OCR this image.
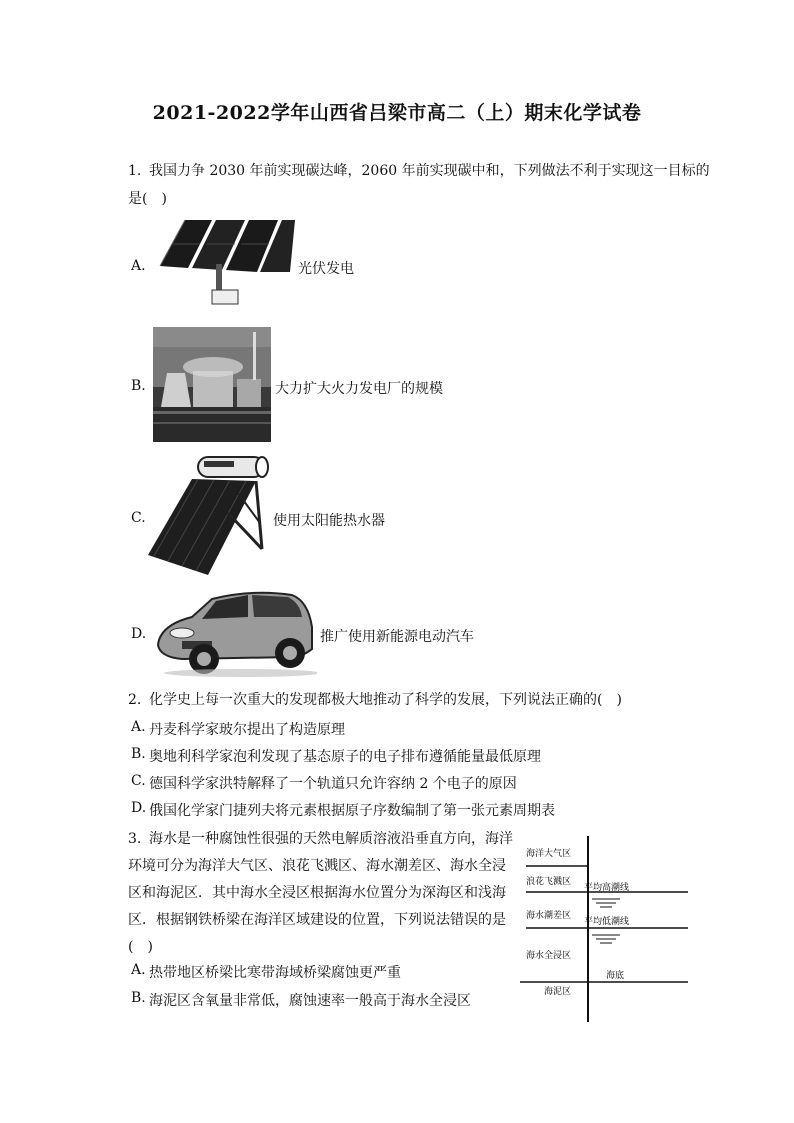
2021-2022学年山西省吕梁市高二（上）期末化学试卷
1. 我国力争 2030 年前实现碳达峰，2060 年前实现碳中和，下列做法不利于实现这一目标的
是(　)
A.	光伏发电
B.	大力扩大火力发电厂的规模
C.	使用太阳能热水器
D.	推广使用新能源电动汽车
2. 化学史上每一次重大的发现都极大地推动了科学的发展，下列说法正确的(　)
A. 丹麦科学家玻尔提出了构造原理
B. 奥地利科学家泡利发现了基态原子的电子排布遵循能量最低原理
C. 德国科学家洪特解释了一个轨道只允许容纳 2 个电子的原因
D. 俄国化学家门捷列夫将元素根据原子序数编制了第一张元素周期表
3. 海水是一种腐蚀性很强的天然电解质溶液沿垂直方向，海洋
环境可分为海洋大气区、浪花飞溅区、海水潮差区、海水全浸
区和海泥区．其中海水全浸区根据海水位置分为深海区和浅海
区．根据钢铁桥梁在海洋区域建设的位置，下列说法错误的是
(　)
A. 热带地区桥梁比寒带海域桥梁腐蚀更严重
B. 海泥区含氧量非常低，腐蚀速率一般高于海水全浸区
海洋大气区
浪花飞溅区
海水潮差区
海水全浸区
海泥区
平均高潮线
平均低潮线
海底
